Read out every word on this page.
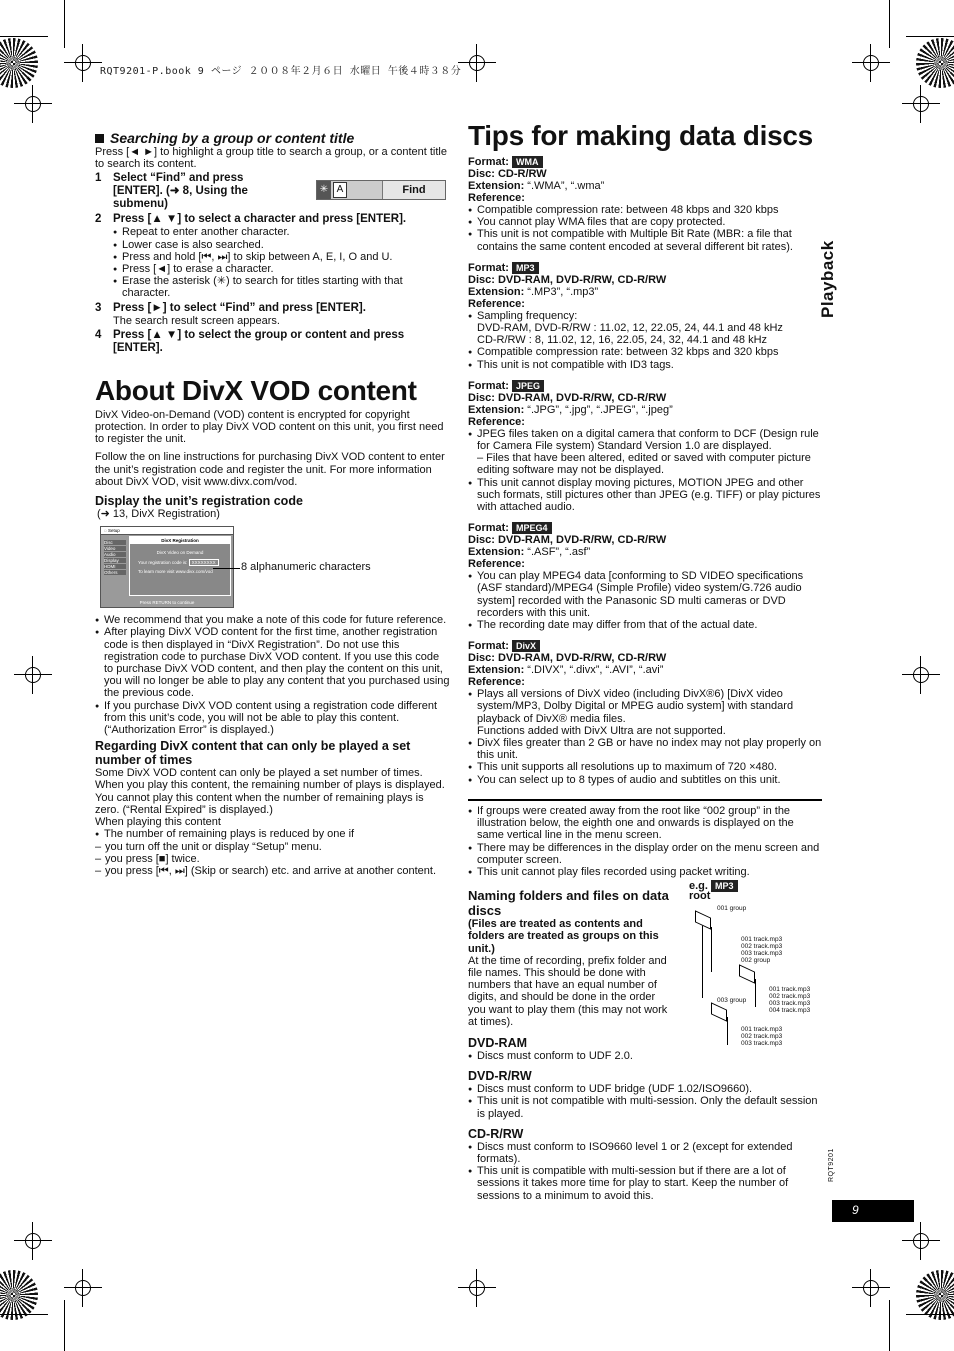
RQT9201-P.book 9 ページ ２００８年２月６日 水曜日 午後４時３８分
Playback

Searching by a group or content title

Press [◄ ►] to highlight a group title to search a group, or a content title to search its content.

1	Select “Find” and press [ENTER]. (➜ 8, Using the submenu)
✳ A	Find
2	Press [▲ ▼] to select a character and press [ENTER].
● Repeat to enter another character.
● Lower case is also searched.
● Press and hold [⏮, ⏭] to skip between A, E, I, O and U.
● Press [◄] to erase a character.
● Erase the asterisk (✳) to search for titles starting with that character.
3	Press [►] to select “Find” and press [ENTER].

The search result screen appears.

4	Press [▲ ▼] to select the group or content and press [ENTER].

About DivX VOD content

DivX Video-on-Demand (VOD) content is encrypted for copyright protection. In order to play DivX VOD content on this unit, you first need to register the unit.

Follow the on line instructions for purchasing DivX VOD content to enter the unit’s registration code and register the unit. For more information about DivX VOD, visit www.divx.com/vod.

Display the unit’s registration code

(➜ 13, DivX Registration)

◌ Setup
Disc
Video
Audio
Display
HDMI
Others
DivX Registration
DivX Video on Demand
Your registration code is: XXXXXXXX
To learn more visit www.divx.com/vod
Press RETURN to continue

8 alphanumeric characters

● We recommend that you make a note of this code for future reference.
● After playing DivX VOD content for the first time, another registration code is then displayed in “DivX Registration”. Do not use this registration code to purchase DivX VOD content. If you use this code to purchase DivX VOD content, and then play the content on this unit, you will no longer be able to play any content that you purchased using the previous code.
● If you purchase DivX VOD content using a registration code different from this unit’s code, you will not be able to play this content. (“Authorization Error” is displayed.)

Regarding DivX content that can only be played a set number of times

Some DivX VOD content can only be played a set number of times. When you play this content, the remaining number of plays is displayed. You cannot play this content when the number of remaining plays is zero. (“Rental Expired” is displayed.)

When playing this content

● The number of remaining plays is reduced by one if
– you turn off the unit or display “Setup” menu.
– you press [■] twice.
– you press [⏮, ⏭] (Skip or search) etc. and arrive at another content.

Tips for making data discs

Format: WMA

Disc: CD-R/RW

Extension: “.WMA”, “.wma”

Reference:

● Compatible compression rate: between 48 kbps and 320 kbps
● You cannot play WMA files that are copy protected.
● This unit is not compatible with Multiple Bit Rate (MBR: a file that contains the same content encoded at several different bit rates).

Format: MP3

Disc: DVD-RAM, DVD-R/RW, CD-R/RW

Extension: “.MP3”, “.mp3”

Reference:

● Sampling frequency:
DVD-RAM, DVD-R/RW : 11.02, 12, 22.05, 24, 44.1 and 48 kHz
CD-R/RW : 8, 11.02, 12, 16, 22.05, 24, 32, 44.1 and 48 kHz
● Compatible compression rate: between 32 kbps and 320 kbps
● This unit is not compatible with ID3 tags.

Format: JPEG

Disc: DVD-RAM, DVD-R/RW, CD-R/RW

Extension: “.JPG”, “.jpg”, “.JPEG”, “.jpeg”

Reference:

● JPEG files taken on a digital camera that conform to DCF (Design rule for Camera File system) Standard Version 1.0 are displayed.
– Files that have been altered, edited or saved with computer picture editing software may not be displayed.
● This unit cannot display moving pictures, MOTION JPEG and other such formats, still pictures other than JPEG (e.g. TIFF) or play pictures with attached audio.

Format: MPEG4

Disc: DVD-RAM, DVD-R/RW, CD-R/RW

Extension: “.ASF”, “.asf”

Reference:

● You can play MPEG4 data [conforming to SD VIDEO specifications (ASF standard)/MPEG4 (Simple Profile) video system/G.726 audio system] recorded with the Panasonic SD multi cameras or DVD recorders with this unit.
● The recording date may differ from that of the actual date.

Format: DivX

Disc: DVD-RAM, DVD-R/RW, CD-R/RW

Extension: “.DIVX”, “.divx”, “.AVI”, “.avi”

Reference:

● Plays all versions of DivX video (including DivX®6) [DivX video system/MP3, Dolby Digital or MPEG audio system] with standard playback of DivX® media files.
Functions added with DivX Ultra are not supported.
● DivX files greater than 2 GB or have no index may not play properly on this unit.
● This unit supports all resolutions up to maximum of 720 ×480.
● You can select up to 8 types of audio and subtitles on this unit.
● If groups were created away from the root like “002 group” in the illustration below, the eighth one and onwards is displayed on the same vertical line in the menu screen.
● There may be differences in the display order on the menu screen and computer screen.
● This unit cannot play files recorded using packet writing.

Naming folders and files on data discs

(Files are treated as contents and folders are treated as groups on this unit.)

At the time of recording, prefix folder and file names. This should be done with numbers that have an equal number of digits, and should be done in the order you want to play them (this may not work at times).

e.g. MP3
root
001 group
001 track.mp3
002 track.mp3
003 track.mp3
002 group
001 track.mp3
002 track.mp3
003 track.mp3
004 track.mp3
003 group
001 track.mp3
002 track.mp3
003 track.mp3

DVD-RAM

● Discs must conform to UDF 2.0.

DVD-R/RW

● Discs must conform to UDF bridge (UDF 1.02/ISO9660).
● This unit is not compatible with multi-session. Only the default session is played.

CD-R/RW

● Discs must conform to ISO9660 level 1 or 2 (except for extended formats).
● This unit is compatible with multi-session but if there are a lot of sessions it takes more time for play to start. Keep the number of sessions to a minimum to avoid this.
RQT9201
9
